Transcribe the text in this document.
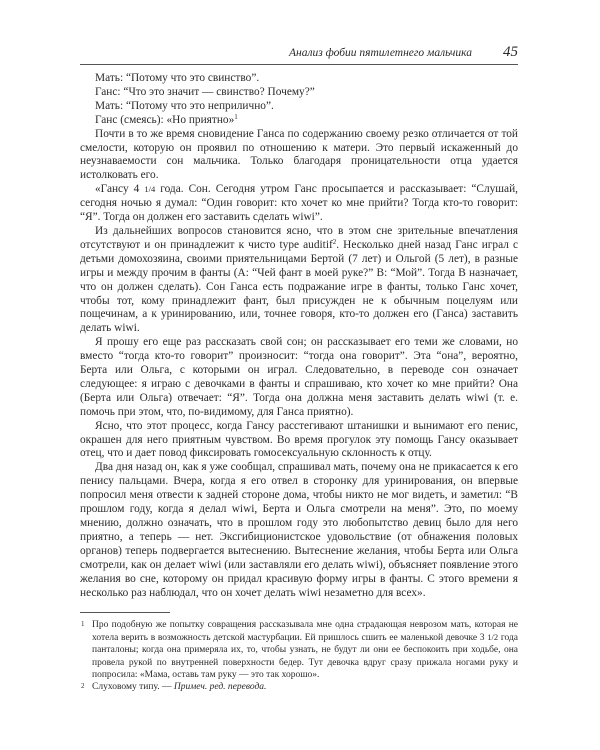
Анализ фобии пятилетнего мальчика 45

Мать: “Потому что это свинство”.

Ганс: “Что это значит — свинство? Почему?”

Мать: “Потому что это неприлично”.

Ганс (смеясь): «Но приятно»$^1$

Почти в то же время сновидение Ганса по содержанию своему резко отличается от той смелости, которую он проявил по отношению к матери. Это первый искаженный до неузнаваемости сон мальчика. Только благодаря проницательности отца удается истолковать его.

«Гансу 4 1/4 года. Сон. Сегодня утром Ганс просыпается и рассказывает: “Слушай, сегодня ночью я думал: “Один говорит: кто хочет ко мне прийти? Тогда кто-то говорит: “Я”. Тогда он должен его заставить сделать wiwi”.

Из дальнейших вопросов становится ясно, что в этом сне зрительные впечатления отсутствуют и он принадлежит к чисто type auditif$^2$. Несколько дней назад Ганс играл с детьми домохозяина, своими приятельницами Бертой (7 лет) и Ольгой (5 лет), в разные игры и между прочим в фанты (А: “Чей фант в моей руке?” В: “Мой”. Тогда В назначает, что он должен сделать). Сон Ганса есть подражание игре в фанты, только Ганс хочет, чтобы тот, кому принадлежит фант, был присужден не к обычным поцелуям или пощечинам, а к уринированию, или, точнее говоря, кто-то должен его (Ганса) заставить делать wiwi.

Я прошу его еще раз рассказать свой сон; он рассказывает его теми же словами, но вместо “тогда кто-то говорит” произносит: “тогда она говорит”. Эта “она”, вероятно, Берта или Ольга, с которыми он играл. Следовательно, в переводе сон означает следующее: я играю с девочками в фанты и спрашиваю, кто хочет ко мне прийти? Она (Берта или Ольга) отвечает: “Я”. Тогда она должна меня заставить делать wiwi (т. е. помочь при этом, что, по-видимому, для Ганса приятно).

Ясно, что этот процесс, когда Гансу расстегивают штанишки и вынимают его пенис, окрашен для него приятным чувством. Во время прогулок эту помощь Гансу оказывает отец, что и дает повод фиксировать гомосексуальную склонность к отцу.

Два дня назад он, как я уже сообщал, спрашивал мать, почему она не прикасается к его пенису пальцами. Вчера, когда я его отвел в сторонку для уринирования, он впервые попросил меня отвести к задней стороне дома, чтобы никто не мог видеть, и заметил: “В прошлом году, когда я делал wiwi, Берта и Ольга смотрели на меня”. Это, по моему мнению, должно означать, что в прошлом году это любопытство девиц было для него приятно, а теперь — нет. Эксгибиционистское удовольствие (от обнажения половых органов) теперь подвергается вытеснению. Вытеснение желания, чтобы Берта или Ольга смотрели, как он делает wiwi (или заставляли его делать wiwi), объясняет появление этого желания во сне, которому он придал красивую форму игры в фанты. С этого времени я несколько раз наблюдал, что он хочет делать wiwi незаметно для всех».

1 Про подобную же попытку совращения рассказывала мне одна страдающая неврозом мать, которая не хотела верить в возможность детской мастурбации. Ей пришлось сшить ее маленькой девочке 3 1/2 года панталоны; когда она примеряла их, то, чтобы узнать, не будут ли они ее беспокоить при ходьбе, она провела рукой по внутренней поверхности бедер. Тут девочка вдруг сразу прижала ногами руку и попросила: «Мама, оставь там руку — это так хорошо».

2 Слуховому типу. — Примеч. ред. перевода.
